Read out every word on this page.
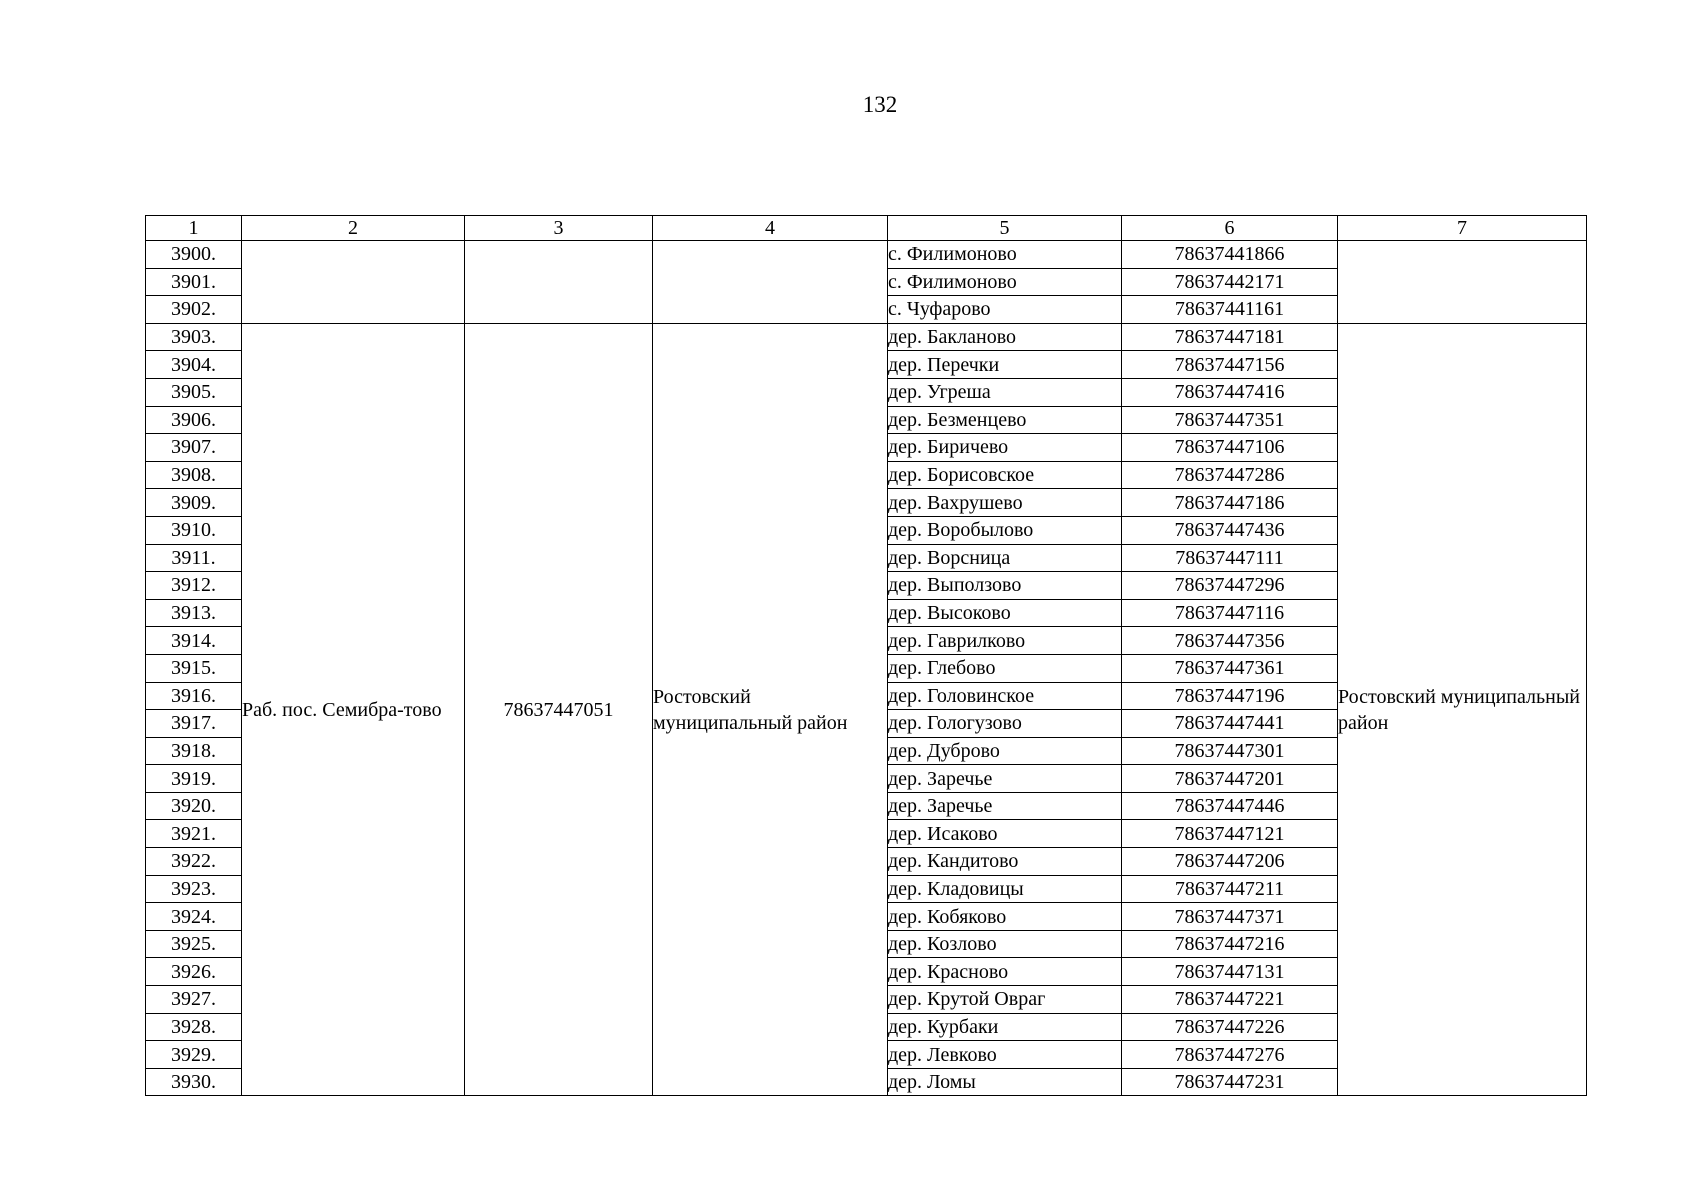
132
1	2	3	4	5	6	7
3900.				с. Филимоново	78637441866	
3901.				с. Филимоново	78637442171	
3902.				с. Чуфарово	78637441161	
3903.	Раб. пос. Семибра-тово	78637447051	Ростовский муниципальный район	дер. Бакланово	78637447181	Ростовский муниципальный район
3904.				дер. Перечки	78637447156	
3905.				дер. Угреша	78637447416	
3906.				дер. Безменцево	78637447351	
3907.				дер. Биричево	78637447106	
3908.				дер. Борисовское	78637447286	
3909.				дер. Вахрушево	78637447186	
3910.				дер. Воробылово	78637447436	
3911.				дер. Ворсница	78637447111	
3912.				дер. Выползово	78637447296	
3913.				дер. Высоково	78637447116	
3914.				дер. Гаврилково	78637447356	
3915.				дер. Глебово	78637447361	
3916.				дер. Головинское	78637447196	
3917.				дер. Гологузово	78637447441	
3918.				дер. Дуброво	78637447301	
3919.				дер. Заречье	78637447201	
3920.				дер. Заречье	78637447446	
3921.				дер. Исаково	78637447121	
3922.				дер. Кандитово	78637447206	
3923.				дер. Кладовицы	78637447211	
3924.				дер. Кобяково	78637447371	
3925.				дер. Козлово	78637447216	
3926.				дер. Красново	78637447131	
3927.				дер. Крутой Овраг	78637447221	
3928.				дер. Курбаки	78637447226	
3929.				дер. Левково	78637447276	
3930.				дер. Ломы	78637447231	
